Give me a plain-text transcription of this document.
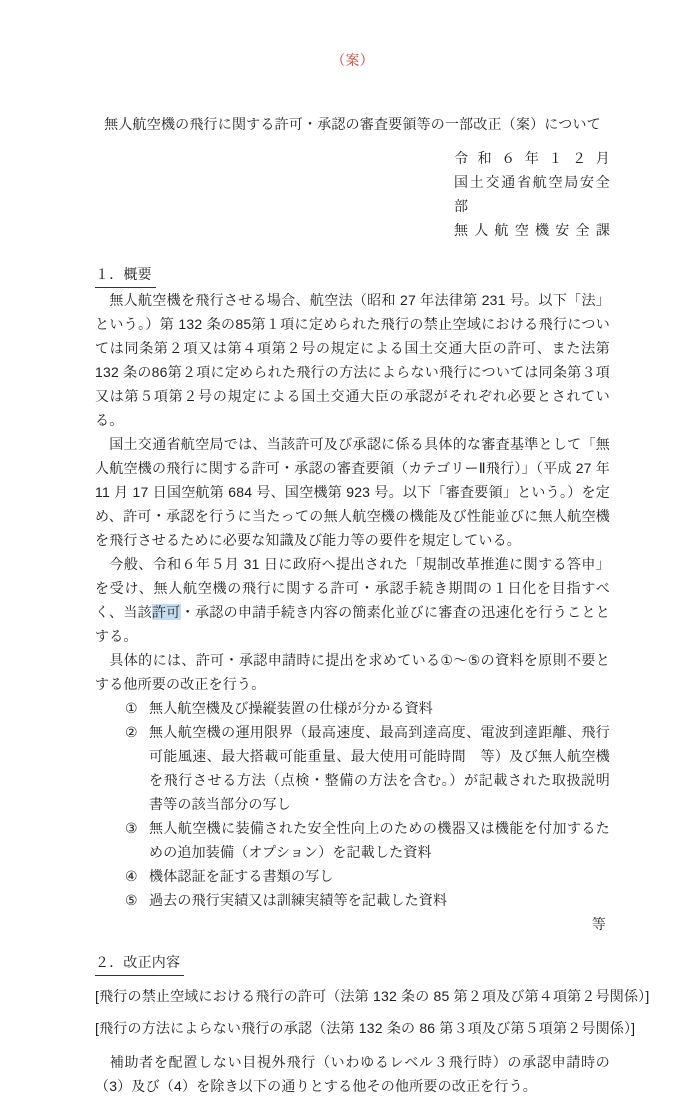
（案）
無人航空機の飛行に関する許可・承認の審査要領等の一部改正（案）について
令和６年１２月
国土交通省航空局安全部
無人航空機安全課
１．概要

　無人航空機を飛行させる場合、航空法（昭和 27 年法律第 231 号。以下「法」という。）第 132 条の85第１項に定められた飛行の禁止空域における飛行については同条第２項又は第４項第２号の規定による国土交通大臣の許可、また法第 132 条の86第２項に定められた飛行の方法によらない飛行については同条第３項又は第５項第２号の規定による国土交通大臣の承認がそれぞれ必要とされている。

　国土交通省航空局では、当該許可及び承認に係る具体的な審査基準として「無人航空機の飛行に関する許可・承認の審査要領（カテゴリーⅡ飛行）」（平成 27 年 11 月 17 日国空航第 684 号、国空機第 923 号。以下「審査要領」という。）を定め、許可・承認を行うに当たっての無人航空機の機能及び性能並びに無人航空機を飛行させるために必要な知識及び能力等の要件を規定している。

　今般、令和６年５月 31 日に政府へ提出された「規制改革推進に関する答申」を受け、無人航空機の飛行に関する許可・承認手続き期間の１日化を目指すべく、当該許可・承認の申請手続き内容の簡素化並びに審査の迅速化を行うこととする。

　具体的には、許可・承認申請時に提出を求めている①～⑤の資料を原則不要とする他所要の改正を行う。

① 無人航空機及び操縦装置の仕様が分かる資料
② 無人航空機の運用限界（最高速度、最高到達高度、電波到達距離、飛行可能風速、最大搭載可能重量、最大使用可能時間　等）及び無人航空機を飛行させる方法（点検・整備の方法を含む。）が記載された取扱説明書等の該当部分の写し
③ 無人航空機に装備された安全性向上のための機器又は機能を付加するための追加装備（オプション）を記載した資料
④ 機体認証を証する書類の写し
⑤ 過去の飛行実績又は訓練実績等を記載した資料
等
２．改正内容
[飛行の禁止空域における飛行の許可（法第 132 条の 85 第２項及び第４項第２号関係）]
[飛行の方法によらない飛行の承認（法第 132 条の 86 第３項及び第５項第２号関係）]

　補助者を配置しない目視外飛行（いわゆるレベル３飛行時）の承認申請時の（3）及び（4）を除き以下の通りとする他その他所要の改正を行う。
